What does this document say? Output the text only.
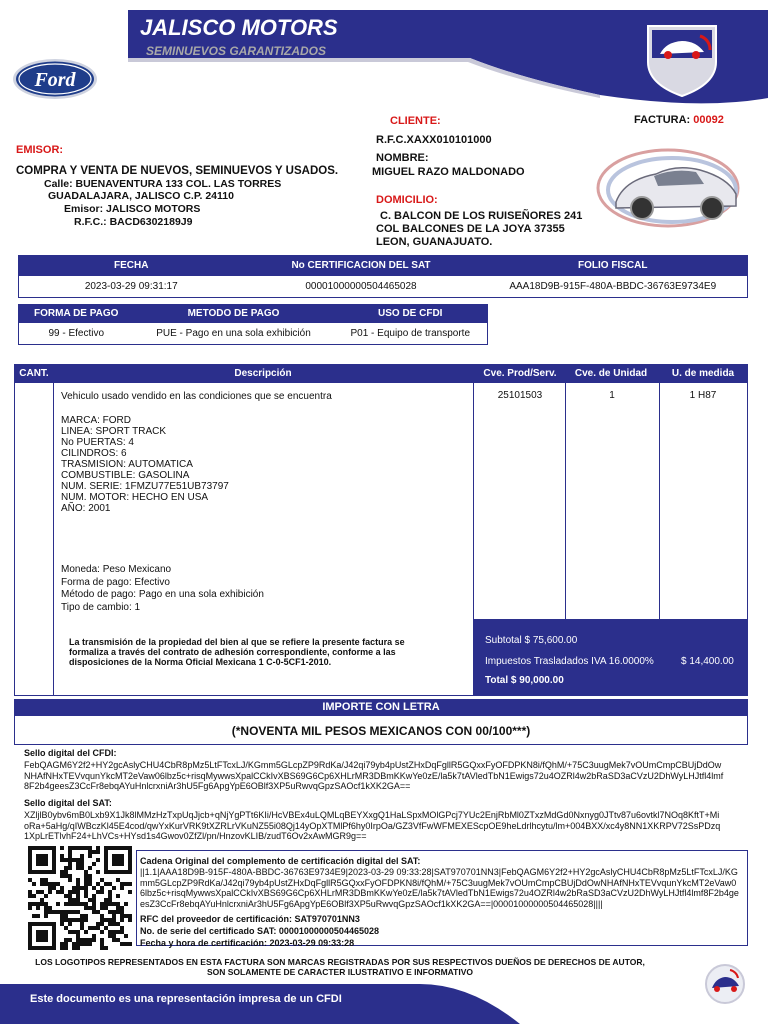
JALISCO MOTORS
SEMINUEVOS GARANTIZADOS
Ford
FACTURA: 00092
EMISOR:
COMPRA Y VENTA DE NUEVOS, SEMINUEVOS Y USADOS.
Calle: BUENAVENTURA 133 COL. LAS TORRES
GUADALAJARA, JALISCO C.P. 24110
Emisor: JALISCO MOTORS
R.F.C.: BACD6302189J9
CLIENTE:
R.F.C.XAXX010101000
NOMBRE:
MIGUEL RAZO MALDONADO
DOMICILIO:
C. BALCON DE LOS RUISEÑORES 241
COL BALCONES DE LA JOYA 37355
LEON, GUANAJUATO.
FECHA	No CERTIFICACION DEL SAT	FOLIO FISCAL
2023-03-29 09:31:17	00001000000504465028	AAA18D9B-915F-480A-BBDC-36763E9734E9
FORMA DE PAGO	METODO DE PAGO	USO DE CFDI
99 - Efectivo	PUE - Pago en una sola exhibición	P01 - Equipo de transporte
CANT.	Descripción	Cve. Prod/Serv.	Cve. de Unidad	U. de medida
25101503	1	1 H87
Vehiculo usado vendido en las condiciones que se encuentra
MARCA: FORD
LINEA: SPORT TRACK
No PUERTAS: 4
CILINDROS: 6
TRASMISION: AUTOMATICA
COMBUSTIBLE: GASOLINA
NUM. SERIE: 1FMZU77E51UB73797
NUM. MOTOR: HECHO EN USA
AÑO: 2001
Moneda: Peso Mexicano
Forma de pago: Efectivo
Método de pago: Pago en una sola exhibición
Tipo de cambio: 1
La transmisión de la propiedad del bien al que se refiere la presente factura se formaliza a través del contrato de adhesión correspondiente, conforme a las disposiciones de la Norma Oficial Mexicana 1 C-0-5CF1-2010.
Subtotal $ 75,600.00
Impuestos Trasladados IVA 16.0000%	$ 14,400.00
Total $ 90,000.00
IMPORTE CON LETRA
(*NOVENTA MIL PESOS MEXICANOS CON 00/100***)
Sello digital del CFDI:
FebQAGM6Y2f2+HY2gcAslyCHU4CbR8pMz5LtFTcxLJ/KGmm5GLcpZP9RdKa/J42qi79yb4pUstZHxDqFgllR5GQxxFyOFDPKN8i/fQhM/+75C3uugMek7vOUmCmpCBUjDdOwNHAfNHxTEVvqunYkcMT2eVaw06lbz5c+risqMywwsXpalCCkIvXBS69G6Cp6XHLrMR3DBmKKwYe0zE/la5k7tAVledTbN1Ewigs72u4OZRl4w2bRaSD3aCVzU2DhWyLHJtfl4lmf8F2b4geesZ3CcFr8ebqAYuHnlcrxniAr3hU5Fg6ApgYpE6OBlf3XP5uRwvqGpzSAOcf1kXK2GA==
Sello digital del SAT:
XZljlB0ybv6mB0Lxb9X1Jk8lMMzHzTxpUqJjcb+qNjYgPTt6KIi/HcVBEx4uLQMLqBEYXxgQ1HaLSpxMOlGPcj7YUc2EnjRbMl0ZTxzMdGd0Nxnyg0JTtv87u6ovtkl7NOq8KftT+MioRa+5aHg/qIWBczKl45E4cod/qwYxKurVRK9tXZRLrVKuNZ55i08Qj14yOpXTMlPf6hy0IrpOa/GZ3VfFwWFMEXEScpOE9heLdrlhcytu/lm+004BXX/xc4y8NN1XKRPV72SsPDzq1XpLrETlvhF24+LhVCs+HYsd1s4Gwov0ZfZl/pn/HnzovKLIB/zudT6Ov2xAwMGR9g==
Cadena Original del complemento de certificación digital del SAT:
||1.1|AAA18D9B-915F-480A-BBDC-36763E9734E9|2023-03-29 09:33:28|SAT970701NN3|FebQAGM6Y2f2+HY2gcAslyCHU4CbR8pMz5LtFTcxLJ/KGmm5GLcpZP9RdKa/J42qi79yb4pUstZHxDqFgllR5GQxxFyOFDPKN8i/fQhM/+75C3uugMek7vOUmCmpCBUjDdOwNHAfNHxTEVvqunYkcMT2eVaw06lbz5c+risqMywwsXpalCCkIvXBS69G6Cp6XHLrMR3DBmKKwYe0zE/la5k7tAVledTbN1Ewigs72u4OZRl4w2bRaSD3aCVzU2DhWyLHJtfl4lmf8F2b4geesZ3CcFr8ebqAYuHnlcrxniAr3hU5Fg6ApgYpE6OBlf3XP5uRwvqGpzSAOcf1kXK2GA==|00001000000504465028||||
RFC del proveedor de certificación: SAT970701NN3
No. de serie del certificado SAT: 00001000000504465028
Fecha y hora de certificación: 2023-03-29 09:33:28
LOS LOGOTIPOS REPRESENTADOS EN ESTA FACTURA SON MARCAS REGISTRADAS POR SUS RESPECTIVOS DUEÑOS DE DERECHOS DE AUTOR,
SON SOLAMENTE DE CARACTER ILUSTRATIVO E INFORMATIVO
Este documento es una representación impresa de un CFDI
